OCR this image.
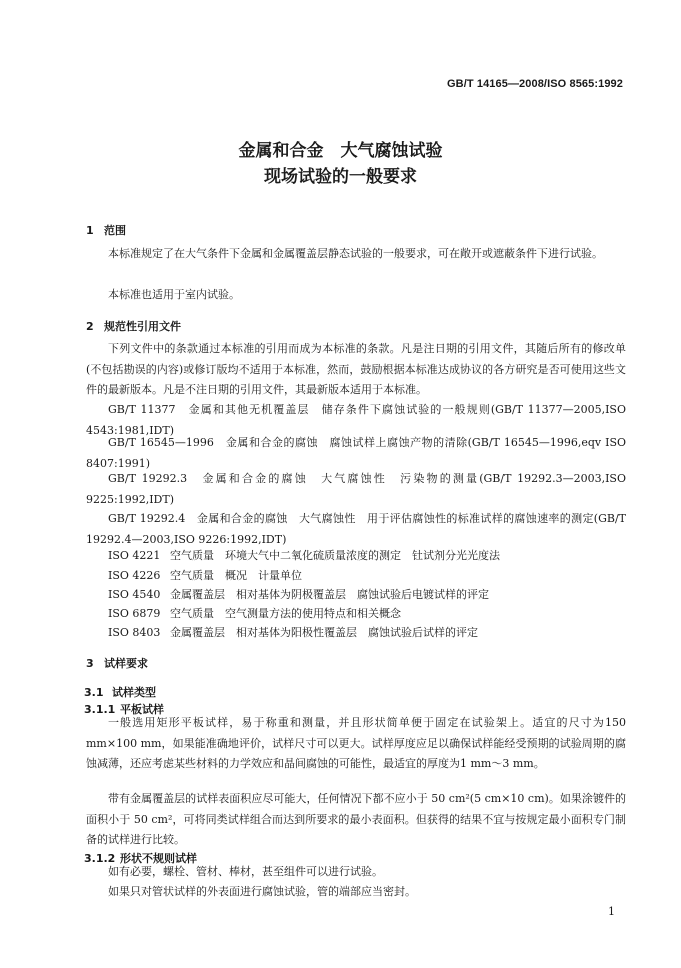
GB/T 14165—2008/ISO 8565:1992
金属和合金　大气腐蚀试验
现场试验的一般要求
1 范围
本标准规定了在大气条件下金属和金属覆盖层静态试验的一般要求，可在敞开或遮蔽条件下进行试验。
本标准也适用于室内试验。
2 规范性引用文件
下列文件中的条款通过本标准的引用而成为本标准的条款。凡是注日期的引用文件，其随后所有的修改单(不包括勘误的内容)或修订版均不适用于本标准，然而，鼓励根据本标准达成协议的各方研究是否可使用这些文件的最新版本。凡是不注日期的引用文件，其最新版本适用于本标准。
GB/T 11377　金属和其他无机覆盖层　储存条件下腐蚀试验的一般规则(GB/T 11377—2005,ISO 4543:1981,IDT)
GB/T 16545—1996　金属和合金的腐蚀　腐蚀试样上腐蚀产物的清除(GB/T 16545—1996,eqv ISO 8407:1991)
GB/T 19292.3　金属和合金的腐蚀　大气腐蚀性　污染物的测量(GB/T 19292.3—2003,ISO 9225:1992,IDT)
GB/T 19292.4　金属和合金的腐蚀　大气腐蚀性　用于评估腐蚀性的标准试样的腐蚀速率的测定(GB/T 19292.4—2003,ISO 9226:1992,IDT)
ISO 4221 空气质量　环境大气中二氧化硫质量浓度的测定　钍试剂分光光度法
ISO 4226 空气质量　概况　计量单位
ISO 4540 金属覆盖层　相对基体为阴极覆盖层　腐蚀试验后电镀试样的评定
ISO 6879 空气质量　空气测量方法的使用特点和相关概念
ISO 8403 金属覆盖层　相对基体为阳极性覆盖层　腐蚀试验后试样的评定
3 试样要求
3.1 试样类型
3.1.1 平板试样
一般选用矩形平板试样，易于称重和测量，并且形状简单便于固定在试验架上。适宜的尺寸为150 mm×100 mm，如果能准确地评价，试样尺寸可以更大。试样厚度应足以确保试样能经受预期的试验周期的腐蚀减薄，还应考虑某些材料的力学效应和晶间腐蚀的可能性，最适宜的厚度为1 mm～3 mm。
带有金属覆盖层的试样表面积应尽可能大，任何情况下都不应小于 50 cm²(5 cm×10 cm)。如果涂镀件的面积小于 50 cm²，可将同类试样组合而达到所要求的最小表面积。但获得的结果不宜与按规定最小面积专门制备的试样进行比较。
3.1.2 形状不规则试样
如有必要，螺栓、管材、棒材，甚至组件可以进行试验。
如果只对管状试样的外表面进行腐蚀试验，管的端部应当密封。
1
